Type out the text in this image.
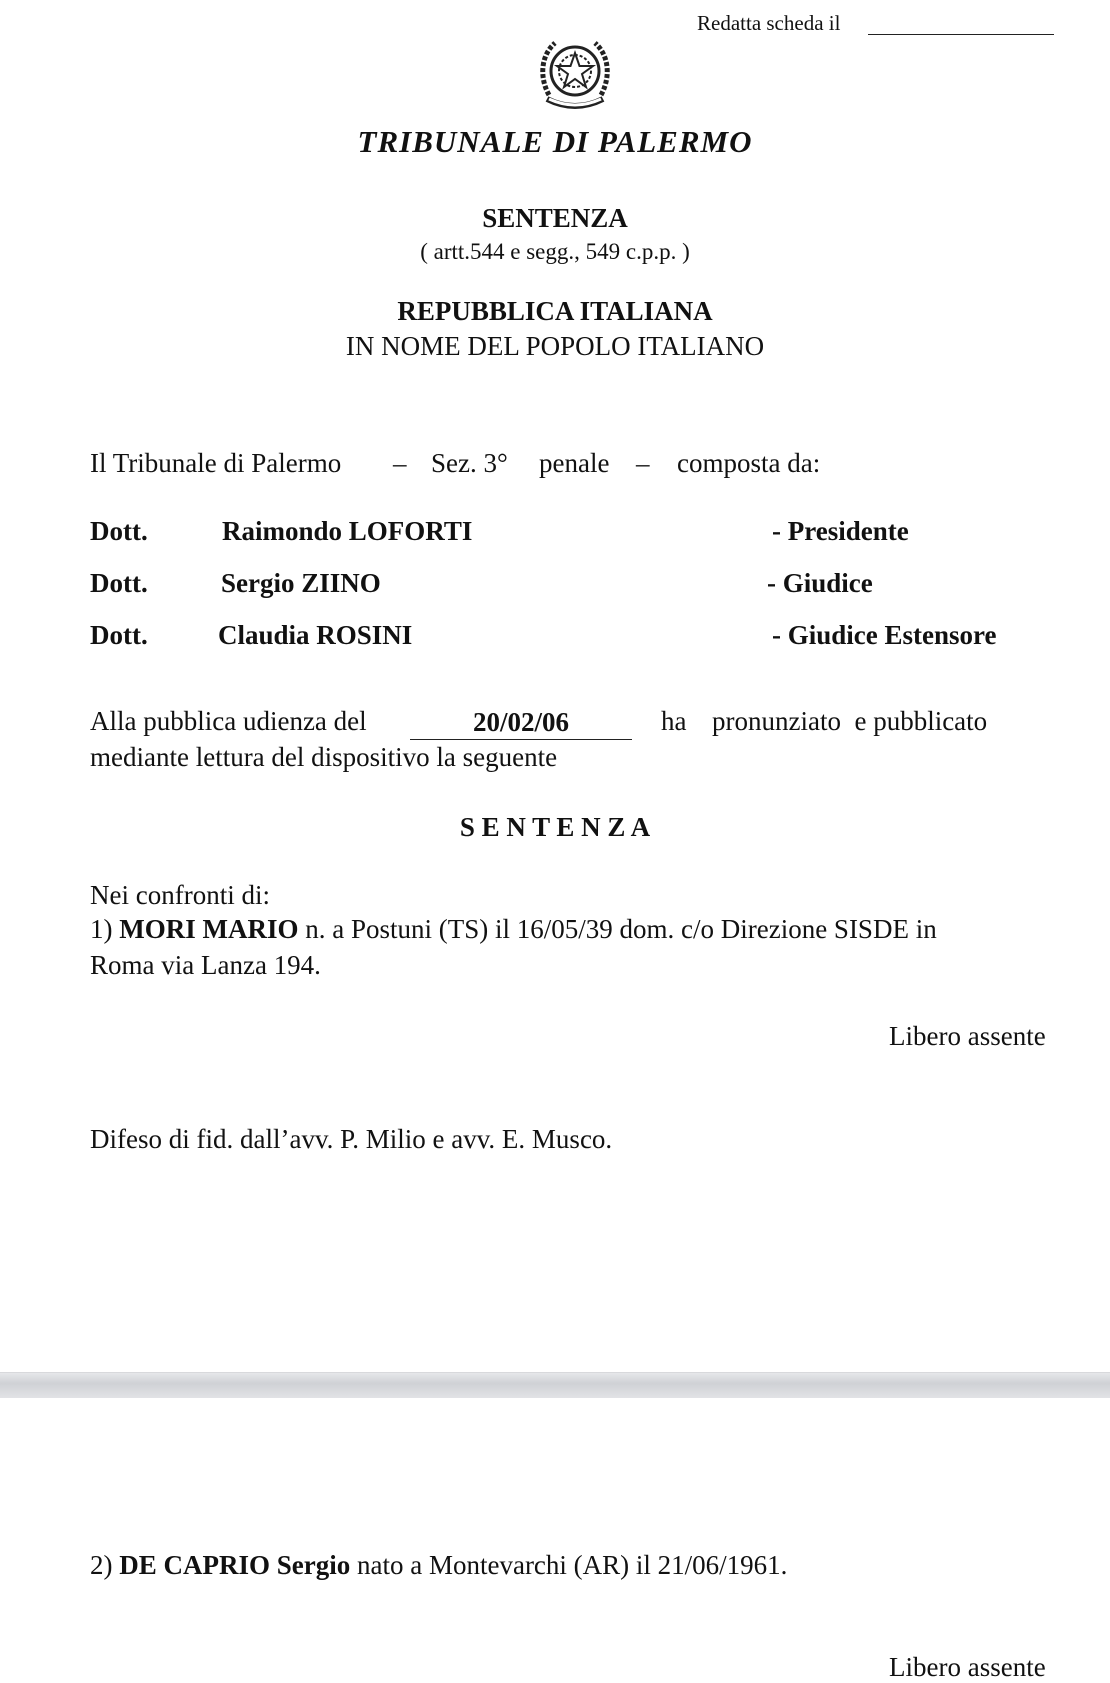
Redatta scheda il
TRIBUNALE DI PALERMO
SENTENZA
( artt.544 e segg., 549 c.p.p. )
REPUBBLICA ITALIANA
IN NOME DEL POPOLO ITALIANO
Il Tribunale di Palermo – Sez. 3° penale – composta da:
Dott.	Raimondo LOFORTI	- Presidente
Dott.	Sergio ZIINO	- Giudice
Dott.	Claudia ROSINI	- Giudice Estensore
Alla pubblica udienza del	20/02/06	ha pronunziato  e pubblicato
mediante lettura del dispositivo la seguente
S E N T E N Z A
Nei confronti di:
1) MORI MARIO n. a Postuni (TS) il 16/05/39 dom. c/o Direzione SISDE in
Roma via Lanza 194.
Libero assente
Difeso di fid. dall’avv. P. Milio e avv. E. Musco.
2) DE CAPRIO Sergio nato a Montevarchi (AR) il 21/06/1961.
Libero assente
